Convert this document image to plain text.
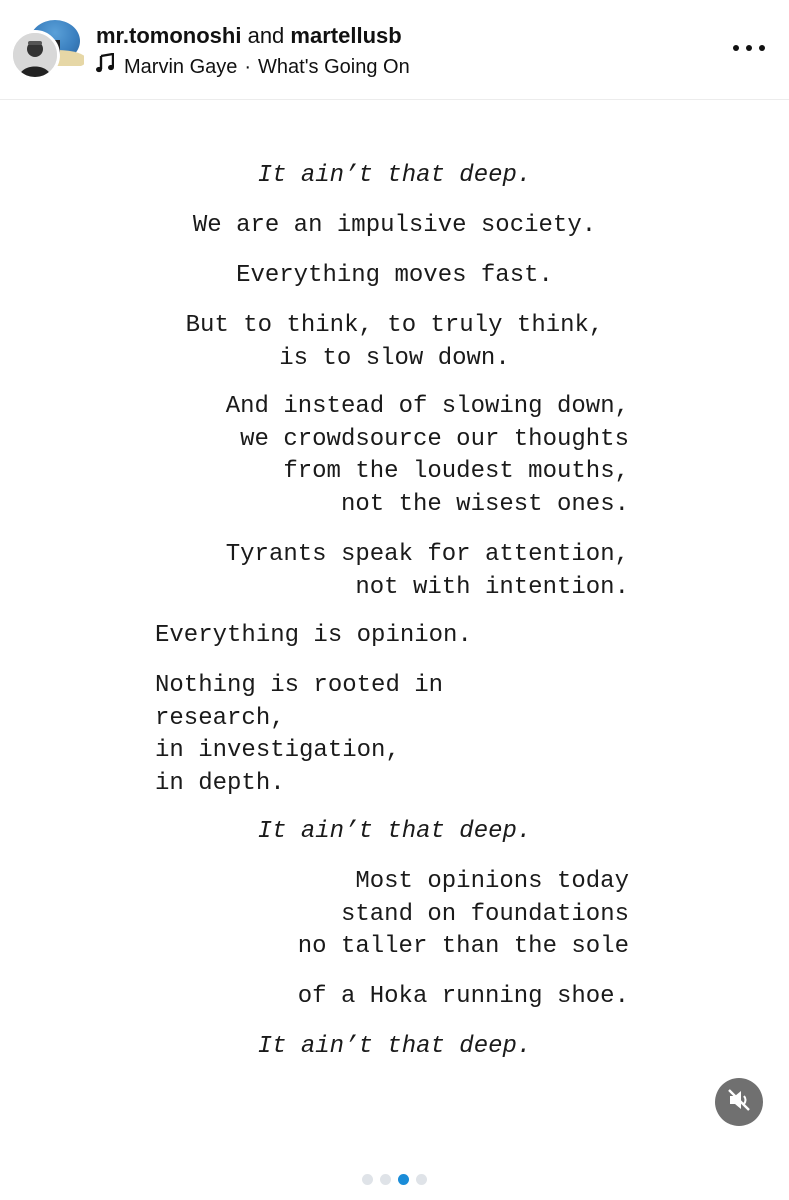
mr.tomonoshi and martellusb
Marvin Gaye · What's Going On
It ain’t that deep.
We are an impulsive society.
Everything moves fast.
But to think, to truly think,
is to slow down.
And instead of slowing down,
we crowdsource our thoughts
from the loudest mouths,
not the wisest ones.
Tyrants speak for attention,
not with intention.
Everything is opinion.
Nothing is rooted in
research,
in investigation,
in depth.
It ain’t that deep.
Most opinions today
stand on foundations
no taller than the sole
of a Hoka running shoe.
It ain’t that deep.
